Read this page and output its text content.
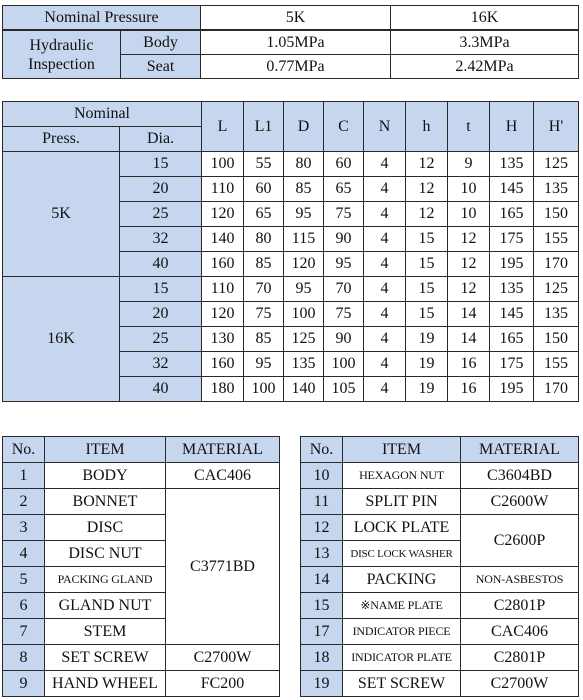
Nominal Pressure	5K	16K
Hydraulic
Inspection	Body	1.05MPa	3.3MPa
	Seat	0.77MPa	2.42MPa
Nominal		L	L1	D	C	N	h	t	H	H'
Press.	Dia.									
5K	15	100	55	80	60	4	12	9	135	125
	20	110	60	85	65	4	12	10	145	135
	25	120	65	95	75	4	12	10	165	150
	32	140	80	115	90	4	15	12	175	155
	40	160	85	120	95	4	15	12	195	170
16K	15	110	70	95	70	4	15	12	135	125
	20	120	75	100	75	4	15	14	145	135
	25	130	85	125	90	4	19	14	165	150
	32	160	95	135	100	4	19	16	175	155
	40	180	100	140	105	4	19	16	195	170
No.	ITEM	MATERIAL
1	BODY	CAC406
2	BONNET	C3771BD
3	DISC	
4	DISC NUT	
5	PACKING GLAND	
6	GLAND NUT	
7	STEM	
8	SET SCREW	C2700W
9	HAND WHEEL	FC200
No.	ITEM	MATERIAL
10	HEXAGON NUT	C3604BD
11	SPLIT PIN	C2600W
12	LOCK PLATE	C2600P
13	DISC LOCK WASHER	
14	PACKING	NON-ASBESTOS
15	※NAME PLATE	C2801P
17	INDICATOR PIECE	CAC406
18	INDICATOR PLATE	C2801P
19	SET SCREW	C2700W
